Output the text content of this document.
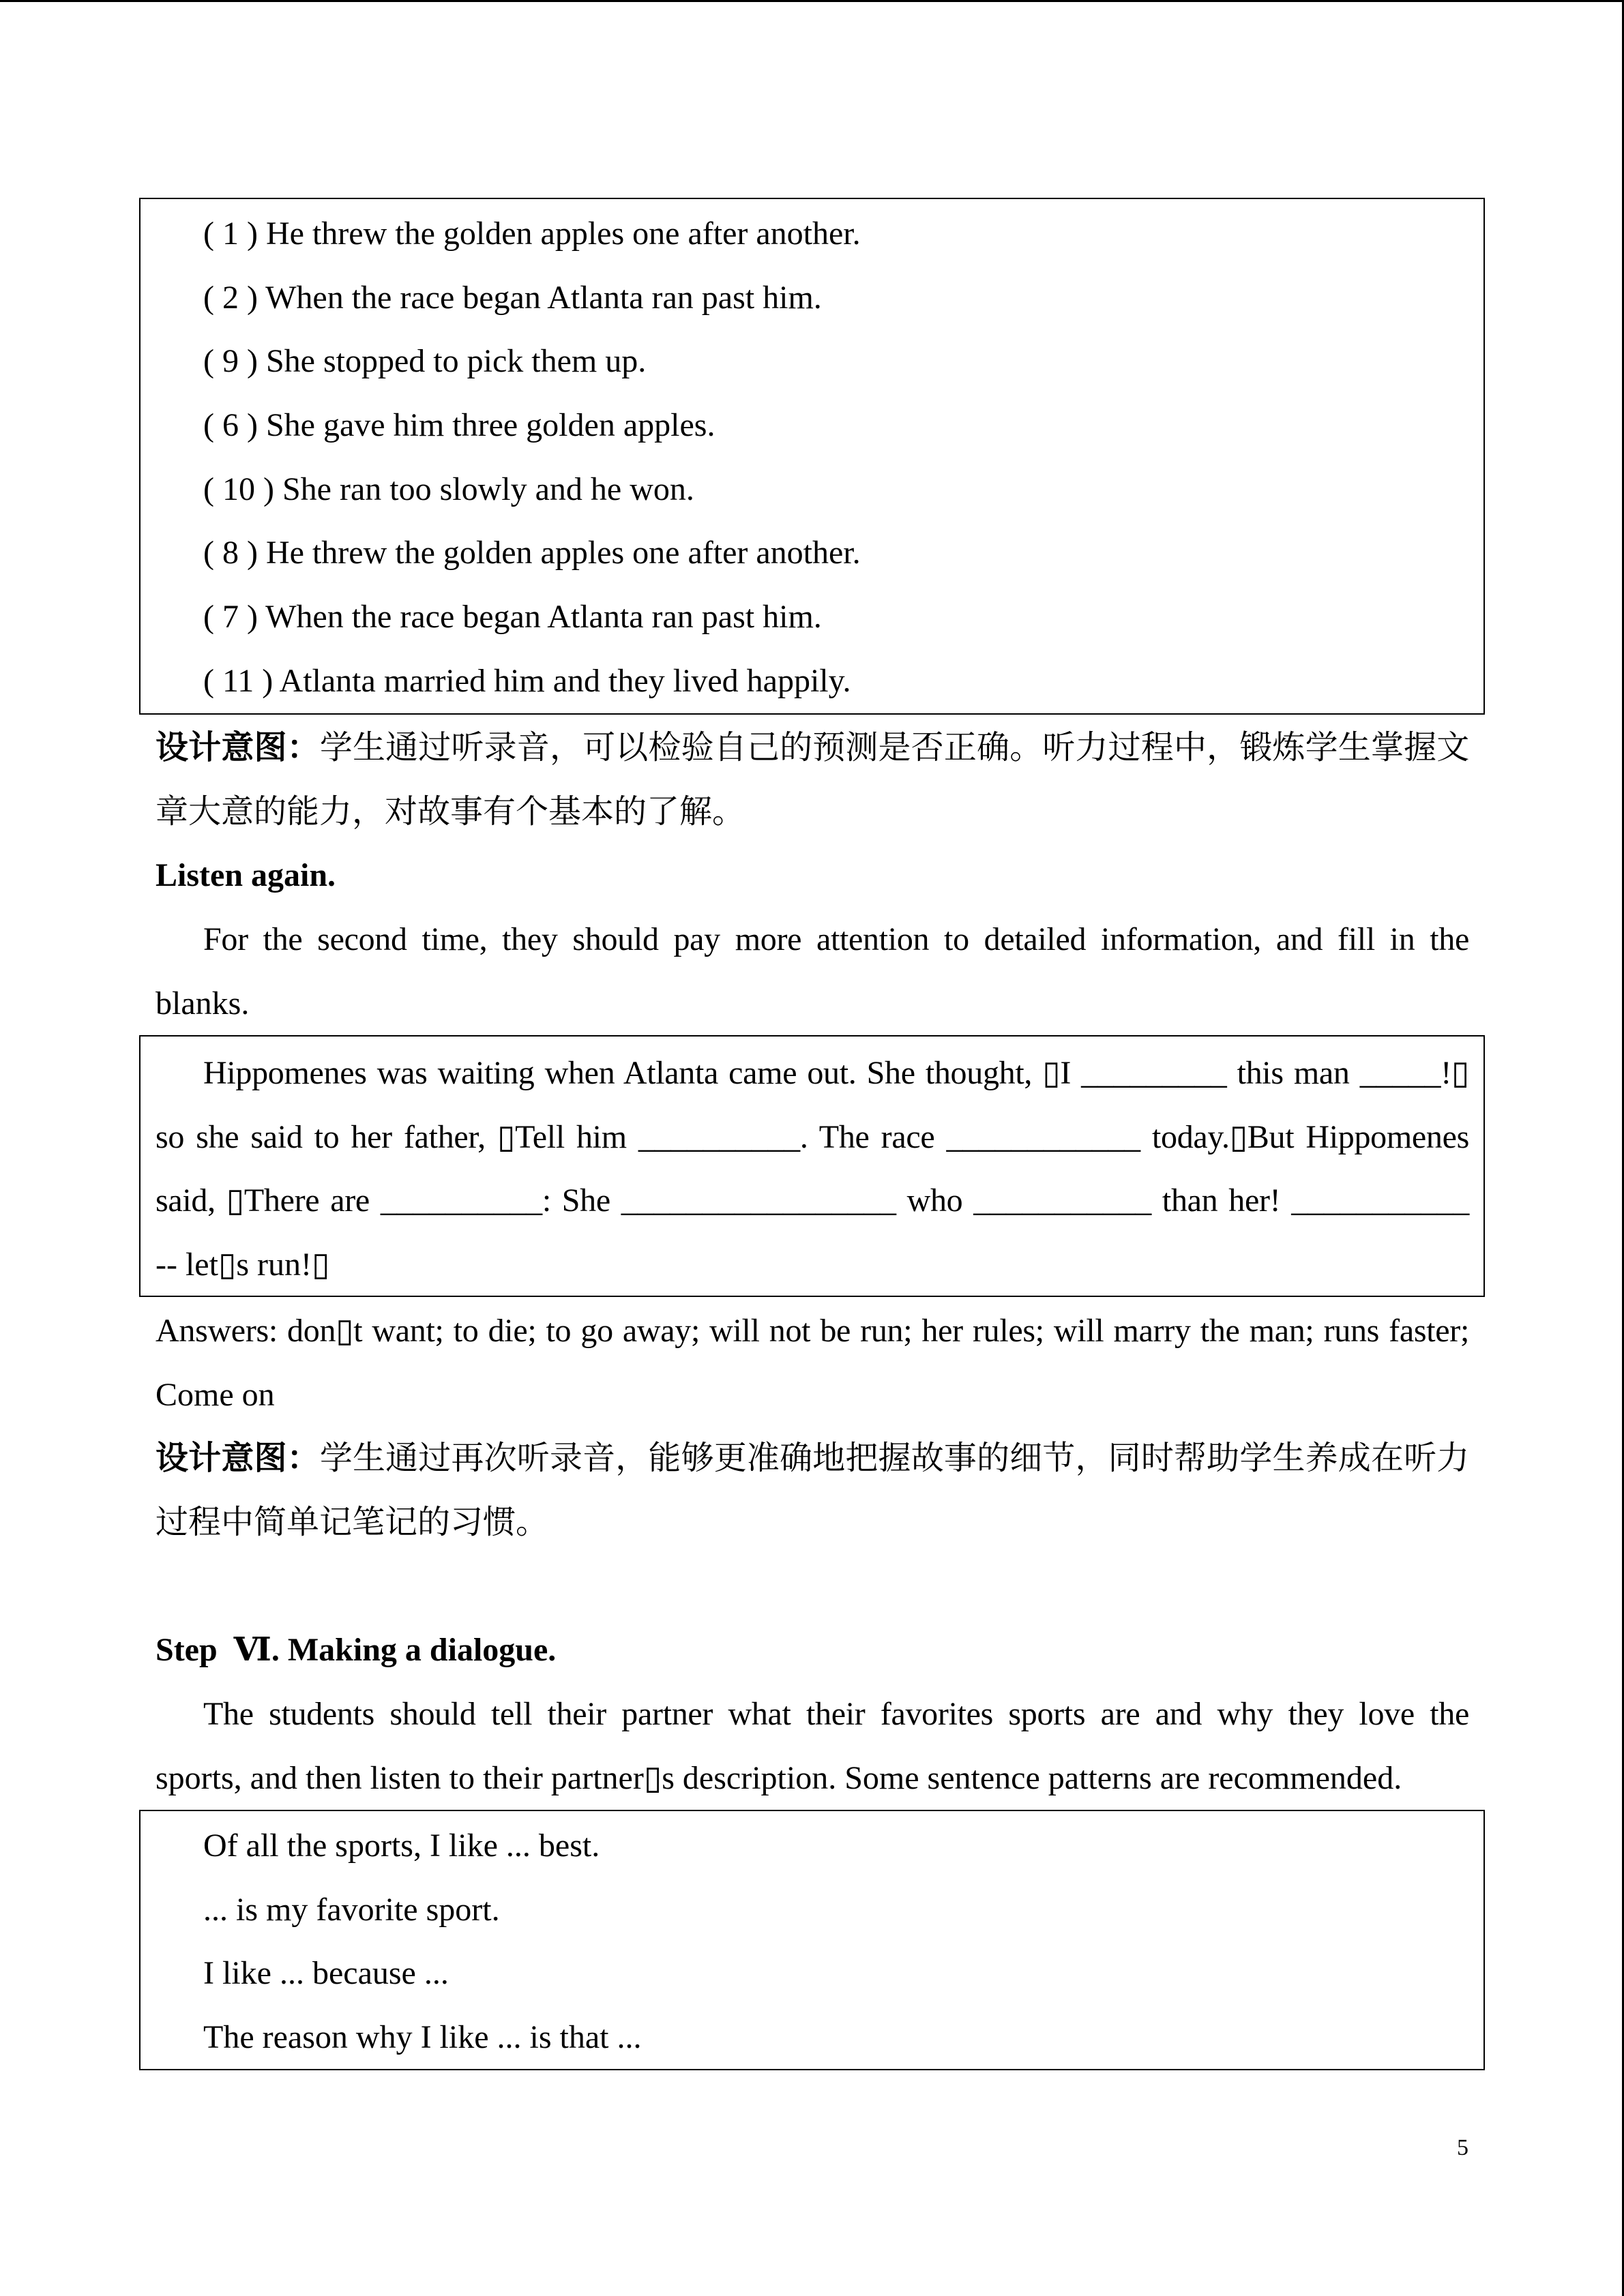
( 1 ) He threw the golden apples one after another.
( 2 ) When the race began Atlanta ran past him.
( 9 ) She stopped to pick them up.
( 6 ) She gave him three golden apples.
( 10 ) She ran too slowly and he won.
( 8 ) He threw the golden apples one after another.
( 7 ) When the race began Atlanta ran past him.
( 11 ) Atlanta married him and they lived happily.
设计意图：学生通过听录音，可以检验自己的预测是否正确。听力过程中，锻炼学生掌握文
章大意的能力，对故事有个基本的了解。
Listen again.
For the second time, they should pay more attention to detailed information, and fill in the
blanks.
Hippomenes was waiting when Atlanta came out. She thought, ▯I _________ this man _____!▯
so she said to her father, ▯Tell him __________. The race ____________ today.▯But Hippomenes
said, ▯There are __________: She _________________ who ___________ than her! ___________
-- let▯s run!▯
Answers: don▯t want; to die; to go away; will not be run; her rules; will marry the man; runs faster;
Come on
设计意图：学生通过再次听录音，能够更准确地把握故事的细节，同时帮助学生养成在听力
过程中简单记笔记的习惯。
Step  Ⅵ. Making a dialogue.
The students should tell their partner what their favorites sports are and why they love the
sports, and then listen to their partner▯s description. Some sentence patterns are recommended.
Of all the sports, I like ... best.
... is my favorite sport.
I like ... because ...
The reason why I like ... is that ...
5
